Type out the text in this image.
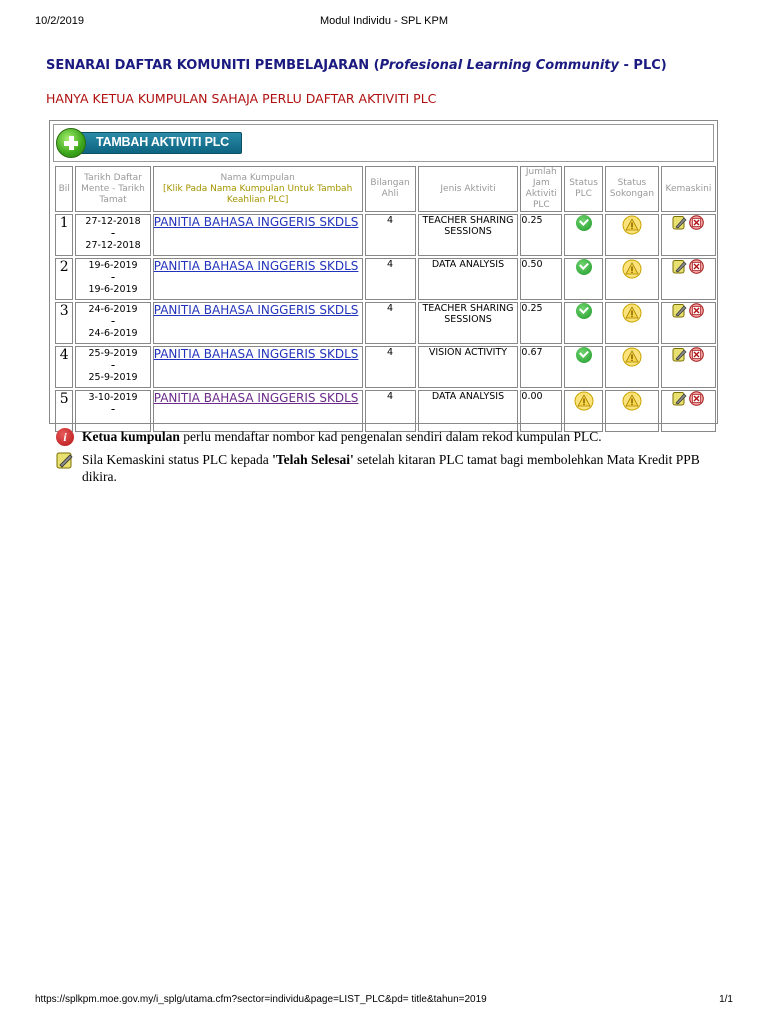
10/2/2019	Modul Individu - SPL KPM
SENARAI DAFTAR KOMUNITI PEMBELAJARAN (Profesional Learning Community - PLC)
HANYA KETUA KUMPULAN SAHAJA PERLU DAFTAR AKTIVITI PLC
TAMBAH AKTIVITI PLC
Bil	Tarikh Daftar Mente - Tarikh Tamat	Nama Kumpulan
[Klik Pada Nama Kumpulan Untuk Tambah Keahlian PLC]	Bilangan Ahli	Jenis Aktiviti	Jumlah Jam Aktiviti PLC	Status PLC	Status Sokongan	Kemaskini
1	27-12-2018
-
27-12-2018	PANITIA BAHASA INGGERIS SKDLS	4	TEACHER SHARING SESSIONS	0.25		

2	19-6-2019
-
19-6-2019	PANITIA BAHASA INGGERIS SKDLS	4	DATA ANALYSIS	0.50		

3	24-6-2019
-
24-6-2019	PANITIA BAHASA INGGERIS SKDLS	4	TEACHER SHARING SESSIONS	0.25		

4	25-9-2019
-
25-9-2019	PANITIA BAHASA INGGERIS SKDLS	4	VISION ACTIVITY	0.67		

5	3-10-2019
-	PANITIA BAHASA INGGERIS SKDLS	4	DATA ANALYSIS	0.00	

i	Ketua kumpulan perlu mendaftar nombor kad pengenalan sendiri dalam rekod kumpulan PLC.
Sila Kemaskini status PLC kepada 'Telah Selesai' setelah kitaran PLC tamat bagi membolehkan Mata Kredit PPB dikira.
https://splkpm.moe.gov.my/i_splg/utama.cfm?sector=individu&page=LIST_PLC&pd= title&tahun=2019	1/1
